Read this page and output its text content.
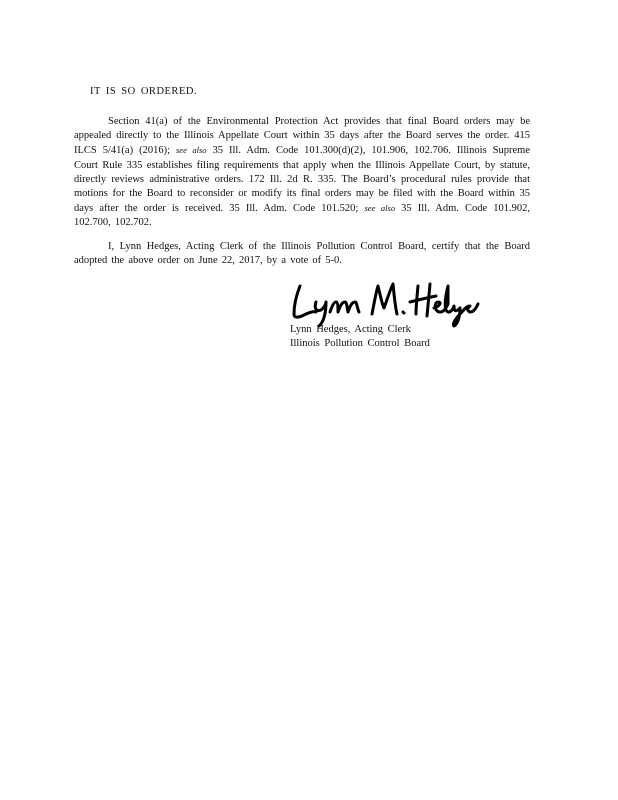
IT IS SO ORDERED.

Section 41(a) of the Environmental Protection Act provides that final Board orders may be appealed directly to the Illinois Appellate Court within 35 days after the Board serves the order. 415 ILCS 5/41(a) (2016); see also 35 Ill. Adm. Code 101.300(d)(2), 101.906, 102.706. Illinois Supreme Court Rule 335 establishes filing requirements that apply when the Illinois Appellate Court, by statute, directly reviews administrative orders. 172 Ill. 2d R. 335. The Board’s procedural rules provide that motions for the Board to reconsider or modify its final orders may be filed with the Board within 35 days after the order is received. 35 Ill. Adm. Code 101.520; see also 35 Ill. Adm. Code 101.902, 102.700, 102.702.

I, Lynn Hedges, Acting Clerk of the Illinois Pollution Control Board, certify that the Board adopted the above order on June 22, 2017, by a vote of 5-0.

Lynn Hedges, Acting Clerk
Illinois Pollution Control Board
